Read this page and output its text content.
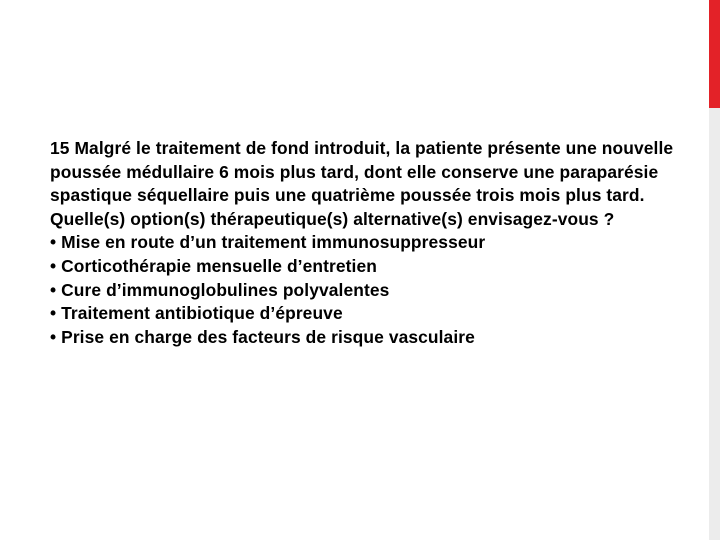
15 Malgré le traitement de fond introduit, la patiente présente une nouvelle poussée médullaire 6 mois plus tard, dont elle conserve une paraparésie spastique séquellaire puis une quatrième poussée trois mois plus tard. Quelle(s) option(s) thérapeutique(s) alternative(s) envisagez-vous ?

• Mise en route d’un traitement immunosuppresseur

• Corticothérapie mensuelle d’entretien

• Cure d’immunoglobulines polyvalentes

• Traitement antibiotique d’épreuve

• Prise en charge des facteurs de risque vasculaire
